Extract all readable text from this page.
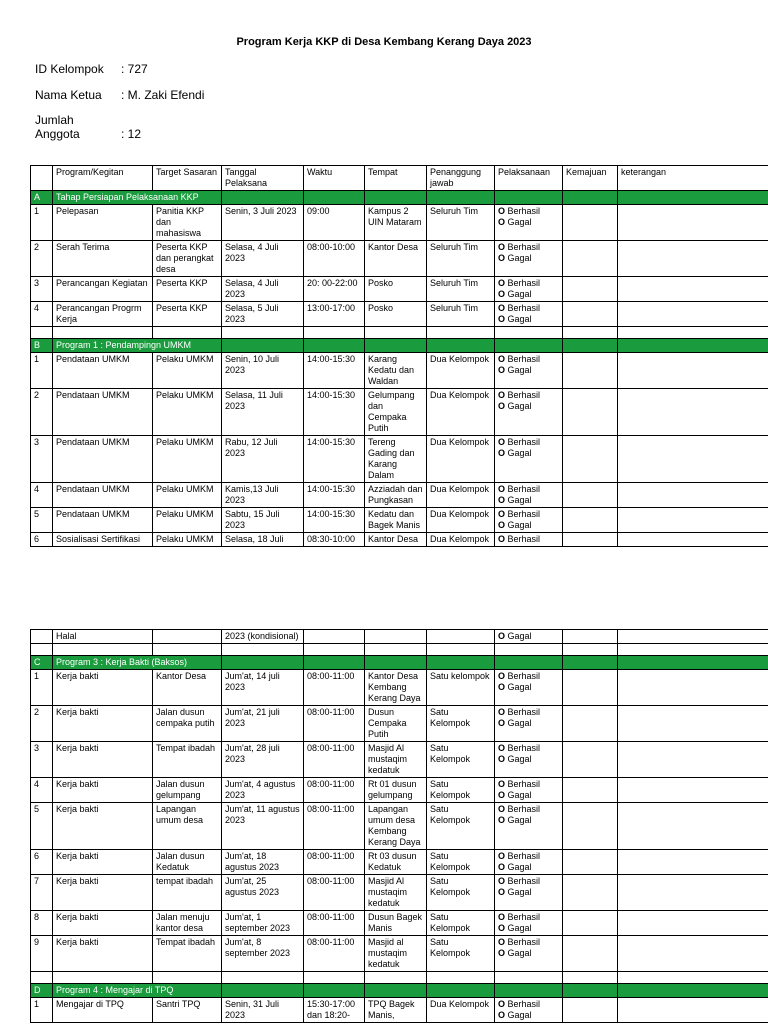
Program Kerja KKP di Desa Kembang Kerang Daya 2023
ID Kelompok : 727
Nama Ketua : M. Zaki Efendi
Jumlah Anggota	: 12
	Program/Kegitan	Target Sasaran	Tanggal Pelaksana	Waktu	Tempat	Penanggung jawab	Pelaksanaan	Kemajuan	keterangan
A	Tahap Persiapan Pelaksanaan KKP								
1	Pelepasan	Panitia KKP dan mahasiswa	Senin, 3 Juli 2023	09:00	Kampus 2 UIN Mataram	Seluruh Tim	O Berhasil
O Gagal		

2	Serah Terima	Peserta KKP dan perangkat desa	Selasa, 4 Juli 2023	08:00-10:00	Kantor Desa	Seluruh Tim	O Berhasil
O Gagal		

3	Perancangan Kegiatan	Peserta KKP	Selasa, 4 Juli 2023	20: 00-22:00	Posko	Seluruh Tim	O Berhasil
O Gagal		

4	Perancangan Progrm Kerja	Peserta KKP	Selasa, 5 Juli 2023	13:00-17:00	Posko	Seluruh Tim	O Berhasil
O Gagal		

B	Program 1 : Pendampingn UMKM								
1	Pendataan UMKM	Pelaku UMKM	Senin, 10 Juli 2023	14:00-15:30	Karang Kedatu dan Waldan	Dua Kelompok	O Berhasil
O Gagal		

2	Pendataan UMKM	Pelaku UMKM	Selasa, 11 Juli 2023	14:00-15:30	Gelumpang dan Cempaka Putih	Dua Kelompok	O Berhasil
O Gagal		

3	Pendataan UMKM	Pelaku UMKM	Rabu, 12 Juli 2023	14:00-15:30	Tereng Gading dan Karang Dalam	Dua Kelompok	O Berhasil
O Gagal		

4	Pendataan UMKM	Pelaku UMKM	Kamis,13 Juli 2023	14:00-15:30	Azziadah dan Pungkasan	Dua Kelompok	O Berhasil
O Gagal		

5	Pendataan UMKM	Pelaku UMKM	Sabtu, 15 Juli 2023	14:00-15:30	Kedatu dan Bagek Manis	Dua Kelompok	O Berhasil
O Gagal		

6	Sosialisasi Sertifikasi	Pelaku UMKM	Selasa, 18 Juli	08:30-10:00	Kantor Desa	Dua Kelompok	O Berhasil		

	Halal		2023 (kondisional)				O Gagal		

C	Program 3 : Kerja Bakti (Baksos)								
1	Kerja bakti	Kantor Desa	Jum'at, 14 juli 2023	08:00-11:00	Kantor Desa Kembang Kerang Daya	Satu kelompok	O Berhasil
O Gagal		

2	Kerja bakti	Jalan dusun cempaka putih	Jum'at, 21 juli 2023	08:00-11:00	Dusun Cempaka Putih	Satu Kelompok	O Berhasil
O Gagal		

3	Kerja bakti	Tempat ibadah	Jum'at, 28 juli 2023	08:00-11:00	Masjid Al mustaqim kedatuk	Satu Kelompok	O Berhasil
O Gagal		

4	Kerja bakti	Jalan dusun gelumpang	Jum'at, 4 agustus 2023	08:00-11:00	Rt 01 dusun gelumpang	Satu Kelompok	O Berhasil
O Gagal		

5	Kerja bakti	Lapangan umum desa	Jum'at, 11 agustus 2023	08:00-11:00	Lapangan umum desa Kembang Kerang Daya	Satu Kelompok	O Berhasil
O Gagal		

6	Kerja bakti	Jalan dusun Kedatuk	Jum'at, 18 agustus 2023	08:00-11:00	Rt 03 dusun Kedatuk	Satu Kelompok	O Berhasil
O Gagal		

7	Kerja bakti	tempat ibadah	Jum'at, 25 agustus 2023	08:00-11:00	Masjid Al mustaqim kedatuk	Satu Kelompok	O Berhasil
O Gagal		

8	Kerja bakti	Jalan menuju kantor desa	Jum'at, 1 september 2023	08:00-11:00	Dusun Bagek Manis	Satu Kelompok	O Berhasil
O Gagal		

9	Kerja bakti	Tempat ibadah	Jum'at, 8 september 2023	08:00-11:00	Masjid al mustaqim kedatuk	Satu Kelompok	O Berhasil
O Gagal		

D	Program 4 : Mengajar di TPQ								
1	Mengajar di TPQ	Santri TPQ	Senin, 31 Juli 2023	15:30-17:00 dan 18:20-	TPQ Bagek Manis,	Dua Kelompok	O Berhasil
O Gagal		
